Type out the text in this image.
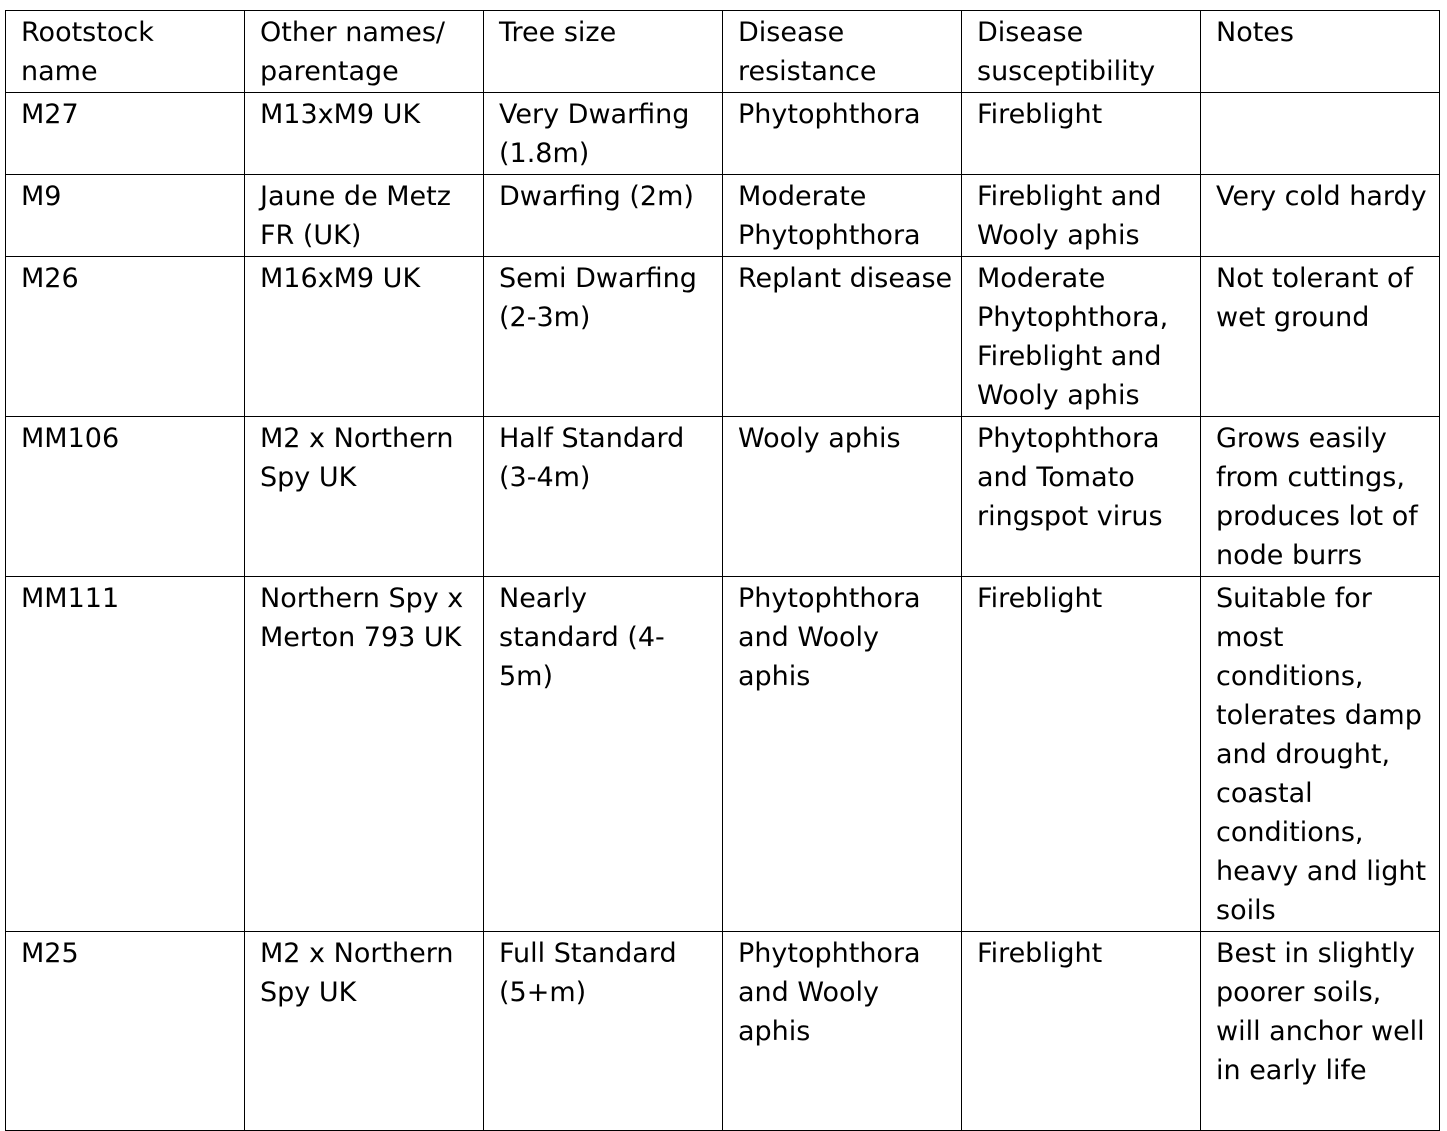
Rootstock name	Other names/ parentage	Tree size	Disease resistance	Disease susceptibility	Notes
M27	M13xM9 UK	Very Dwarfing (1.8m)	Phytophthora	Fireblight	
M9	Jaune de Metz FR (UK)	Dwarfing (2m)	Moderate Phytophthora	Fireblight and Wooly aphis	Very cold hardy
M26	M16xM9 UK	Semi Dwarfing (2-3m)	Replant disease	Moderate Phytophthora, Fireblight and Wooly aphis	Not tolerant of wet ground
MM106	M2 x Northern Spy UK	Half Standard (3-4m)	Wooly aphis	Phytophthora and Tomato ringspot virus	Grows easily from cuttings, produces lot of node burrs
MM111	Northern Spy x Merton 793 UK	Nearly standard (4-5m)	Phytophthora and Wooly aphis	Fireblight	Suitable for most conditions, tolerates damp and drought, coastal conditions, heavy and light soils
M25	M2 x Northern Spy UK	Full Standard (5+m)	Phytophthora and Wooly aphis	Fireblight	Best in slightly poorer soils, will anchor well in early life
